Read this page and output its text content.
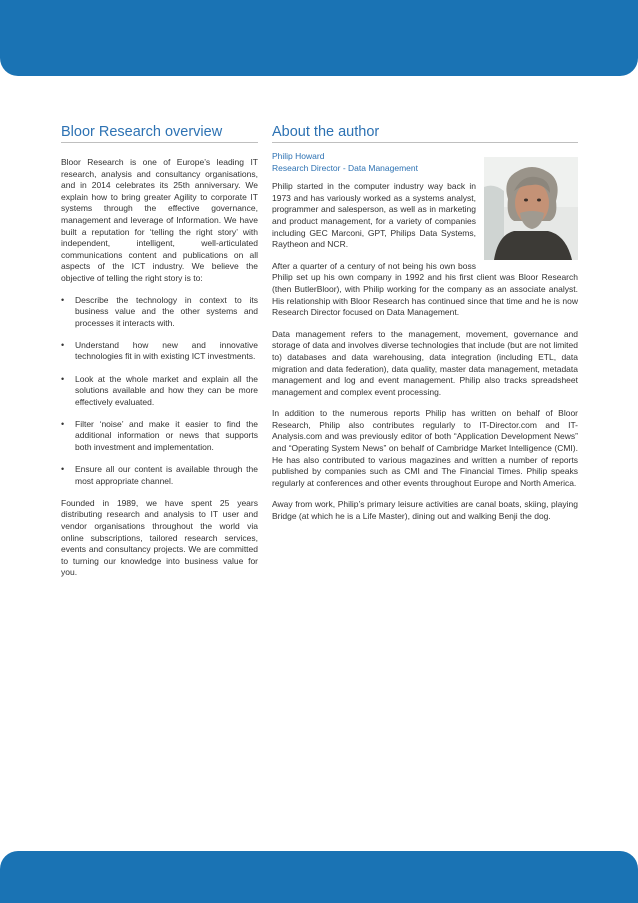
Bloor Research overview

Bloor Research is one of Europe’s leading IT research, analysis and consultancy organisations, and in 2014 celebrates its 25th anniversary. We explain how to bring greater Agility to corporate IT systems through the effective governance, management and leverage of Information. We have built a reputation for ‘telling the right story’ with independent, intelligent, well-articulated communications content and publications on all aspects of the ICT industry. We believe the objective of telling the right story is to:

• Describe the technology in context to its business value and the other systems and processes it interacts with.
• Understand how new and innovative technologies fit in with existing ICT investments.
• Look at the whole market and explain all the solutions available and how they can be more effectively evaluated.
• Filter ‘noise’ and make it easier to find the additional information or news that supports both investment and implementation.
• Ensure all our content is available through the most appropriate channel.

Founded in 1989, we have spent 25 years distributing research and analysis to IT user and vendor organisations throughout the world via online subscriptions, tailored research services, events and consultancy projects. We are committed to turning our knowledge into business value for you.

About the author
Philip Howard
Research Director - Data Management

Philip started in the computer industry way back in 1973 and has variously worked as a systems analyst, programmer and salesperson, as well as in marketing and product management, for a variety of companies including GEC Marconi, GPT, Philips Data Systems, Raytheon and NCR.

After a quarter of a century of not being his own boss Philip set up his own company in 1992 and his first client was Bloor Research (then ButlerBloor), with Philip working for the company as an associate analyst. His relationship with Bloor Research has continued since that time and he is now Research Director focused on Data Management.

Data management refers to the management, movement, governance and storage of data and involves diverse technologies that include (but are not limited to) databases and data warehousing, data integration (including ETL, data migration and data federation), data quality, master data management, metadata management and log and event management. Philip also tracks spreadsheet management and complex event processing.

In addition to the numerous reports Philip has written on behalf of Bloor Research, Philip also contributes regularly to IT-Director.com and IT-Analysis.com and was previously editor of both “Application Development News” and “Operating System News” on behalf of Cambridge Market Intelligence (CMI). He has also contributed to various magazines and written a number of reports published by companies such as CMI and The Financial Times. Philip speaks regularly at conferences and other events throughout Europe and North America.

Away from work, Philip’s primary leisure activities are canal boats, skiing, playing Bridge (at which he is a Life Master), dining out and walking Benji the dog.
